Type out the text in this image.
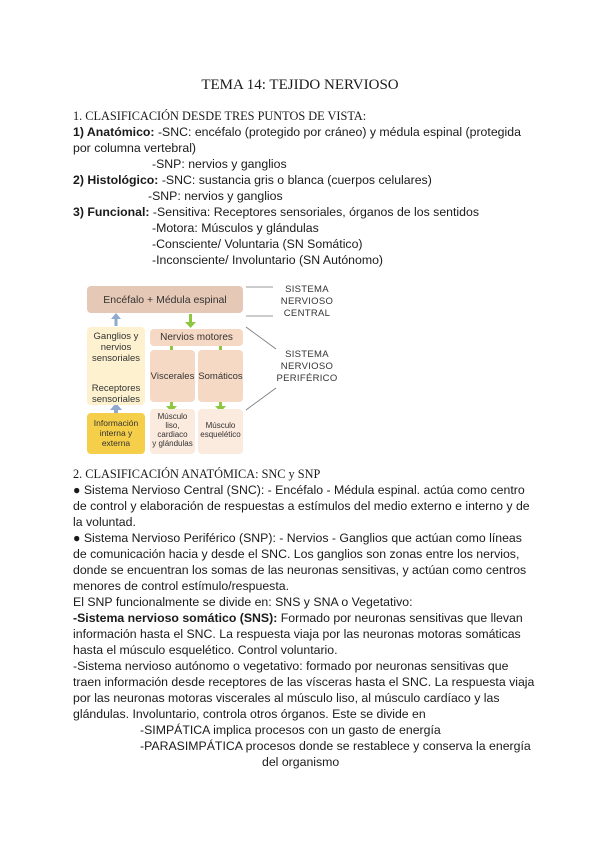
TEMA 14: TEJIDO NERVIOSO
1. CLASIFICACIÓN DESDE TRES PUNTOS DE VISTA:
1) Anatómico: -SNC: encéfalo (protegido por cráneo) y médula espinal (protegida
por columna vertebral)
-SNP: nervios y ganglios
2) Histológico: -SNC: sustancia gris o blanca (cuerpos celulares)
-SNP: nervios y ganglios
3) Funcional: -Sensitiva: Receptores sensoriales, órganos de los sentidos
-Motora: Músculos y glándulas
-Consciente/ Voluntaria (SN Somático)
-Inconsciente/ Involuntario (SN Autónomo)
Encéfalo + Médula espinal
Ganglios y
nervios
sensoriales
Receptores
sensoriales
Información
interna y
externa
Nervios motores
Viscerales Somáticos
Músculo
liso,
cardiaco
y glándulas
Músculo
esquelético
SISTEMA
NERVIOSO
CENTRAL
SISTEMA
NERVIOSO
PERIFÉRICO
2. CLASIFICACIÓN ANATÓMICA: SNC y SNP
● Sistema Nervioso Central (SNC): - Encéfalo - Médula espinal. actúa como centro
de control y elaboración de respuestas a estímulos del medio externo e interno y de
la voluntad.
● Sistema Nervioso Periférico (SNP): - Nervios - Ganglios que actúan como líneas
de comunicación hacia y desde el SNC. Los ganglios son zonas entre los nervios,
donde se encuentran los somas de las neuronas sensitivas, y actúan como centros
menores de control estímulo/respuesta.
El SNP funcionalmente se divide en: SNS y SNA o Vegetativo:
-Sistema nervioso somático (SNS): Formado por neuronas sensitivas que llevan
información hasta el SNC. La respuesta viaja por las neuronas motoras somáticas
hasta el músculo esquelético. Control voluntario.
-Sistema nervioso autónomo o vegetativo: formado por neuronas sensitivas que
traen información desde receptores de las vísceras hasta el SNC. La respuesta viaja
por las neuronas motoras viscerales al músculo liso, al músculo cardíaco y las
glándulas. Involuntario, controla otros órganos. Este se divide en
-SIMPÁTICA implica procesos con un gasto de energía
-PARASIMPÁTICA procesos donde se restablece y conserva la energía
del organismo
